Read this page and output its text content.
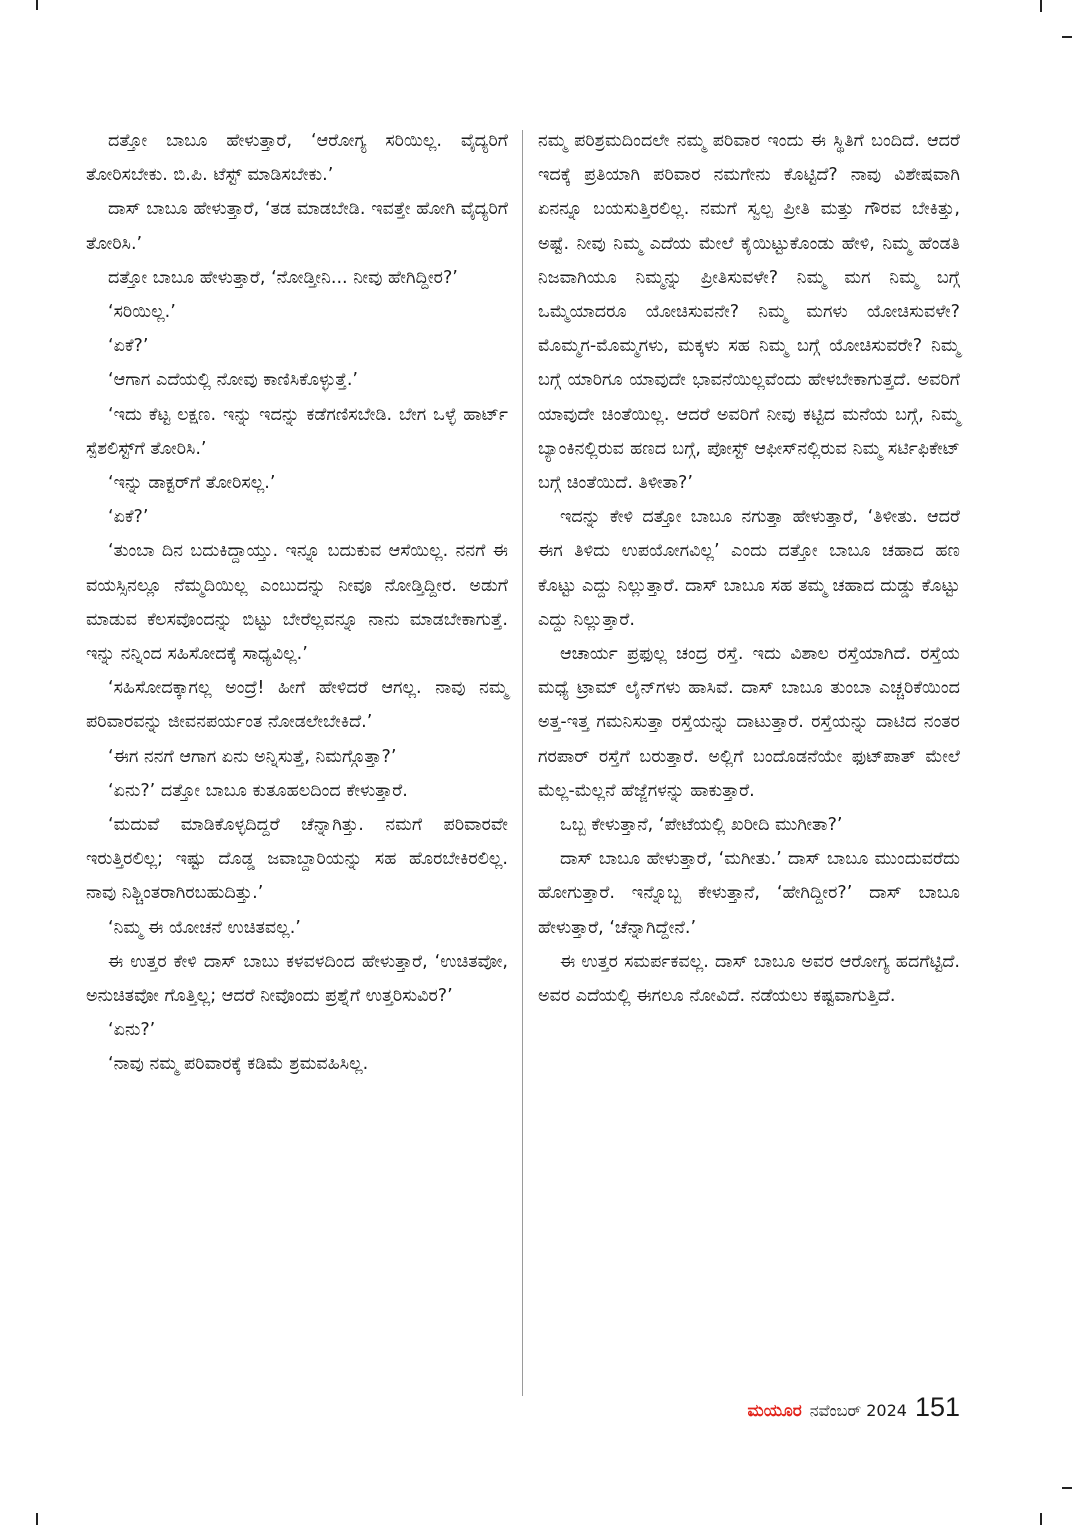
ದತ್ತೋ ಬಾಬೂ ಹೇಳುತ್ತಾರೆ, ‘ಆರೋಗ್ಯ ಸರಿಯಿಲ್ಲ. ವೈದ್ಯರಿಗೆ ತೋರಿಸಬೇಕು. ಬಿ.ಪಿ. ಟೆಸ್ಟ್ ಮಾಡಿಸಬೇಕು.’

ದಾಸ್ ಬಾಬೂ ಹೇಳುತ್ತಾರೆ, ‘ತಡ ಮಾಡಬೇಡಿ. ಇವತ್ತೇ ಹೋಗಿ ವೈದ್ಯರಿಗೆ ತೋರಿಸಿ.’

ದತ್ತೋ ಬಾಬೂ ಹೇಳುತ್ತಾರೆ, ‘ನೋಡ್ತೀನಿ... ನೀವು ಹೇಗಿದ್ದೀರ?’

‘ಸರಿಯಿಲ್ಲ.’

‘ಏಕೆ?’

‘ಆಗಾಗ ಎದೆಯಲ್ಲಿ ನೋವು ಕಾಣಿಸಿಕೊಳ್ಳುತ್ತೆ.’

‘ಇದು ಕೆಟ್ಟ ಲಕ್ಷಣ. ಇನ್ನು ಇದನ್ನು ಕಡೆಗಣಿಸಬೇಡಿ. ಬೇಗ ಒಳ್ಳೆ ಹಾರ್ಟ್ ಸ್ಪೆಶಲಿಸ್ಟ್‌ಗೆ ತೋರಿಸಿ.’

‘ಇನ್ನು ಡಾಕ್ಟರ್‌ಗೆ ತೋರಿಸಲ್ಲ.’

‘ಏಕೆ?’

‘ತುಂಬಾ ದಿನ ಬದುಕಿದ್ದಾಯ್ತು. ಇನ್ನೂ ಬದುಕುವ ಆಸೆಯಿಲ್ಲ. ನನಗೆ ಈ ವಯಸ್ಸಿನಲ್ಲೂ ನೆಮ್ಮದಿಯಿಲ್ಲ ಎಂಬುದನ್ನು ನೀವೂ ನೋಡ್ತಿದ್ದೀರ. ಅಡುಗೆ ಮಾಡುವ ಕೆಲಸವೊಂದನ್ನು ಬಿಟ್ಟು ಬೇರೆಲ್ಲವನ್ನೂ ನಾನು ಮಾಡಬೇಕಾಗುತ್ತೆ. ಇನ್ನು ನನ್ನಿಂದ ಸಹಿಸೋದಕ್ಕೆ ಸಾಧ್ಯವಿಲ್ಲ.’

‘ಸಹಿಸೋದಕ್ಕಾಗಲ್ಲ ಅಂದ್ರೆ! ಹೀಗೆ ಹೇಳಿದರೆ ಆಗಲ್ಲ. ನಾವು ನಮ್ಮ ಪರಿವಾರವನ್ನು ಜೀವನಪರ್ಯಂತ ನೋಡಲೇಬೇಕಿದೆ.’

‘ಈಗ ನನಗೆ ಆಗಾಗ ಏನು ಅನ್ನಿಸುತ್ತೆ, ನಿಮಗ್ಗೊತ್ತಾ?’

‘ಏನು?’ ದತ್ತೋ ಬಾಬೂ ಕುತೂಹಲದಿಂದ ಕೇಳುತ್ತಾರೆ.

‘ಮದುವೆ ಮಾಡಿಕೊಳ್ಳದಿದ್ದರೆ ಚೆನ್ನಾಗಿತ್ತು. ನಮಗೆ ಪರಿವಾರವೇ ಇರುತ್ತಿರಲಿಲ್ಲ; ಇಷ್ಟು ದೊಡ್ಡ ಜವಾಬ್ದಾರಿಯನ್ನು ಸಹ ಹೊರಬೇಕಿರಲಿಲ್ಲ. ನಾವು ನಿಶ್ಚಿಂತರಾಗಿರಬಹುದಿತ್ತು.’

‘ನಿಮ್ಮ ಈ ಯೋಚನೆ ಉಚಿತವಲ್ಲ.’

ಈ ಉತ್ತರ ಕೇಳಿ ದಾಸ್ ಬಾಬು ಕಳವಳದಿಂದ ಹೇಳುತ್ತಾರೆ, ‘ಉಚಿತವೋ, ಅನುಚಿತವೋ ಗೊತ್ತಿಲ್ಲ; ಆದರೆ ನೀವೊಂದು ಪ್ರಶ್ನೆಗೆ ಉತ್ತರಿಸುವಿರ?’

‘ಏನು?’

‘ನಾವು ನಮ್ಮ ಪರಿವಾರಕ್ಕೆ ಕಡಿಮೆ ಶ್ರಮವಹಿಸಿಲ್ಲ.

ನಮ್ಮ ಪರಿಶ್ರಮದಿಂದಲೇ ನಮ್ಮ ಪರಿವಾರ ಇಂದು ಈ ಸ್ಥಿತಿಗೆ ಬಂದಿದೆ. ಆದರೆ ಇದಕ್ಕೆ ಪ್ರತಿಯಾಗಿ ಪರಿವಾರ ನಮಗೇನು ಕೊಟ್ಟಿದೆ? ನಾವು ವಿಶೇಷವಾಗಿ ಏನನ್ನೂ ಬಯಸುತ್ತಿರಲಿಲ್ಲ. ನಮಗೆ ಸ್ವಲ್ಪ ಪ್ರೀತಿ ಮತ್ತು ಗೌರವ ಬೇಕಿತ್ತು, ಅಷ್ಟೆ. ನೀವು ನಿಮ್ಮ ಎದೆಯ ಮೇಲೆ ಕೈಯಿಟ್ಟುಕೊಂಡು ಹೇಳಿ, ನಿಮ್ಮ ಹೆಂಡತಿ ನಿಜವಾಗಿಯೂ ನಿಮ್ಮನ್ನು ಪ್ರೀತಿಸುವಳೇ? ನಿಮ್ಮ ಮಗ ನಿಮ್ಮ ಬಗ್ಗೆ ಒಮ್ಮೆಯಾದರೂ ಯೋಚಿಸುವನೇ? ನಿಮ್ಮ ಮಗಳು ಯೋಚಿಸುವಳೇ? ಮೊಮ್ಮಗ-ಮೊಮ್ಮಗಳು, ಮಕ್ಕಳು ಸಹ ನಿಮ್ಮ ಬಗ್ಗೆ ಯೋಚಿಸುವರೇ? ನಿಮ್ಮ ಬಗ್ಗೆ ಯಾರಿಗೂ ಯಾವುದೇ ಭಾವನೆಯಿಲ್ಲವೆಂದು ಹೇಳಬೇಕಾಗುತ್ತದೆ. ಅವರಿಗೆ ಯಾವುದೇ ಚಿಂತೆಯಿಲ್ಲ. ಆದರೆ ಅವರಿಗೆ ನೀವು ಕಟ್ಟಿದ ಮನೆಯ ಬಗ್ಗೆ, ನಿಮ್ಮ ಬ್ಯಾಂಕಿನಲ್ಲಿರುವ ಹಣದ ಬಗ್ಗೆ, ಪೋಸ್ಟ್ ಆಫೀಸ್‌ನಲ್ಲಿರುವ ನಿಮ್ಮ ಸರ್ಟಿಫಿಕೇಟ್ ಬಗ್ಗೆ ಚಿಂತೆಯಿದೆ. ತಿಳೀತಾ?’

ಇದನ್ನು ಕೇಳಿ ದತ್ತೋ ಬಾಬೂ ನಗುತ್ತಾ ಹೇಳುತ್ತಾರೆ, ‘ತಿಳೀತು. ಆದರೆ ಈಗ ತಿಳಿದು ಉಪಯೋಗವಿಲ್ಲ’ ಎಂದು ದತ್ತೋ ಬಾಬೂ ಚಹಾದ ಹಣ ಕೊಟ್ಟು ಎದ್ದು ನಿಲ್ಲುತ್ತಾರೆ. ದಾಸ್ ಬಾಬೂ ಸಹ ತಮ್ಮ ಚಹಾದ ದುಡ್ಡು ಕೊಟ್ಟು ಎದ್ದು ನಿಲ್ಲುತ್ತಾರೆ.

ಆಚಾರ್ಯ ಪ್ರಫುಲ್ಲ ಚಂದ್ರ ರಸ್ತೆ. ಇದು ವಿಶಾಲ ರಸ್ತೆಯಾಗಿದೆ. ರಸ್ತೆಯ ಮಧ್ಯೆ ಟ್ರಾಮ್ ಲೈನ್‌ಗಳು ಹಾಸಿವೆ. ದಾಸ್ ಬಾಬೂ ತುಂಬಾ ಎಚ್ಚರಿಕೆಯಿಂದ ಅತ್ತ-ಇತ್ತ ಗಮನಿಸುತ್ತಾ ರಸ್ತೆಯನ್ನು ದಾಟುತ್ತಾರೆ. ರಸ್ತೆಯನ್ನು ದಾಟಿದ ನಂತರ ಗರಪಾರ್ ರಸ್ತೆಗೆ ಬರುತ್ತಾರೆ. ಅಲ್ಲಿಗೆ ಬಂದೊಡನೆಯೇ ಫುಟ್‌ಪಾತ್ ಮೇಲೆ ಮೆಲ್ಲ-ಮೆಲ್ಲನೆ ಹೆಜ್ಜೆಗಳನ್ನು ಹಾಕುತ್ತಾರೆ.

ಒಬ್ಬ ಕೇಳುತ್ತಾನೆ, ‘ಪೇಟೆಯಲ್ಲಿ ಖರೀದಿ ಮುಗೀತಾ?’

ದಾಸ್ ಬಾಬೂ ಹೇಳುತ್ತಾರೆ, ‘ಮಗೀತು.’ ದಾಸ್ ಬಾಬೂ ಮುಂದುವರೆದು ಹೋಗುತ್ತಾರೆ. ಇನ್ನೊಬ್ಬ ಕೇಳುತ್ತಾನೆ, ‘ಹೇಗಿದ್ದೀರ?’ ದಾಸ್ ಬಾಬೂ ಹೇಳುತ್ತಾರೆ, ‘ಚೆನ್ನಾಗಿದ್ದೇನೆ.’

ಈ ಉತ್ತರ ಸಮರ್ಪಕವಲ್ಲ. ದಾಸ್ ಬಾಬೂ ಅವರ ಆರೋಗ್ಯ ಹದಗೆಟ್ಟಿದೆ. ಅವರ ಎದೆಯಲ್ಲಿ ಈಗಲೂ ನೋವಿದೆ. ನಡೆಯಲು ಕಷ್ಟವಾಗುತ್ತಿದೆ.

ಮಯೂರ ನವೆಂಬರ್ 2024 151
